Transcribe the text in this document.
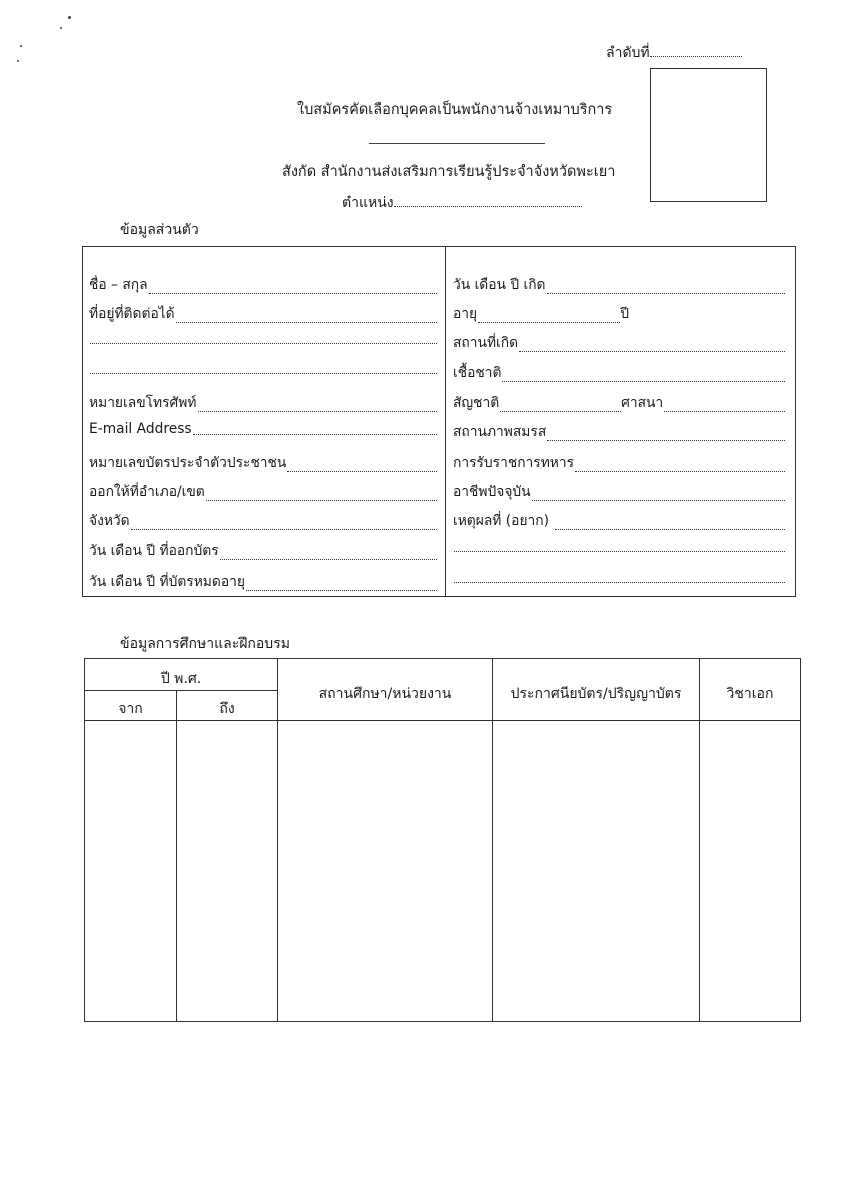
ลำดับที่
ใบสมัครคัดเลือกบุคคลเป็นพนักงานจ้างเหมาบริการ
สังกัด สำนักงานส่งเสริมการเรียนรู้ประจำจังหวัดพะเยา
ตำแหน่ง
ข้อมูลส่วนตัว
ชื่อ – สกุล
ที่อยู่ที่ติดต่อได้
หมายเลขโทรศัพท์
E-mail Address
หมายเลขบัตรประจำตัวประชาชน
ออกให้ที่อำเภอ/เขต
จังหวัด
วัน เดือน ปี ที่ออกบัตร
วัน เดือน ปี ที่บัตรหมดอายุ
วัน เดือน ปี เกิด
อายุ	ปี
สถานที่เกิด
เชื้อชาติ
สัญชาติ	ศาสนา
สถานภาพสมรส
การรับราชการทหาร
อาชีพปัจจุบัน
เหตุผลที่ (อยาก)
ข้อมูลการศึกษาและฝึกอบรม
ปี พ.ศ.
จาก	ถึง
สถานศึกษา/หน่วยงาน	ประกาศนียบัตร/ปริญญาบัตร	วิชาเอก
